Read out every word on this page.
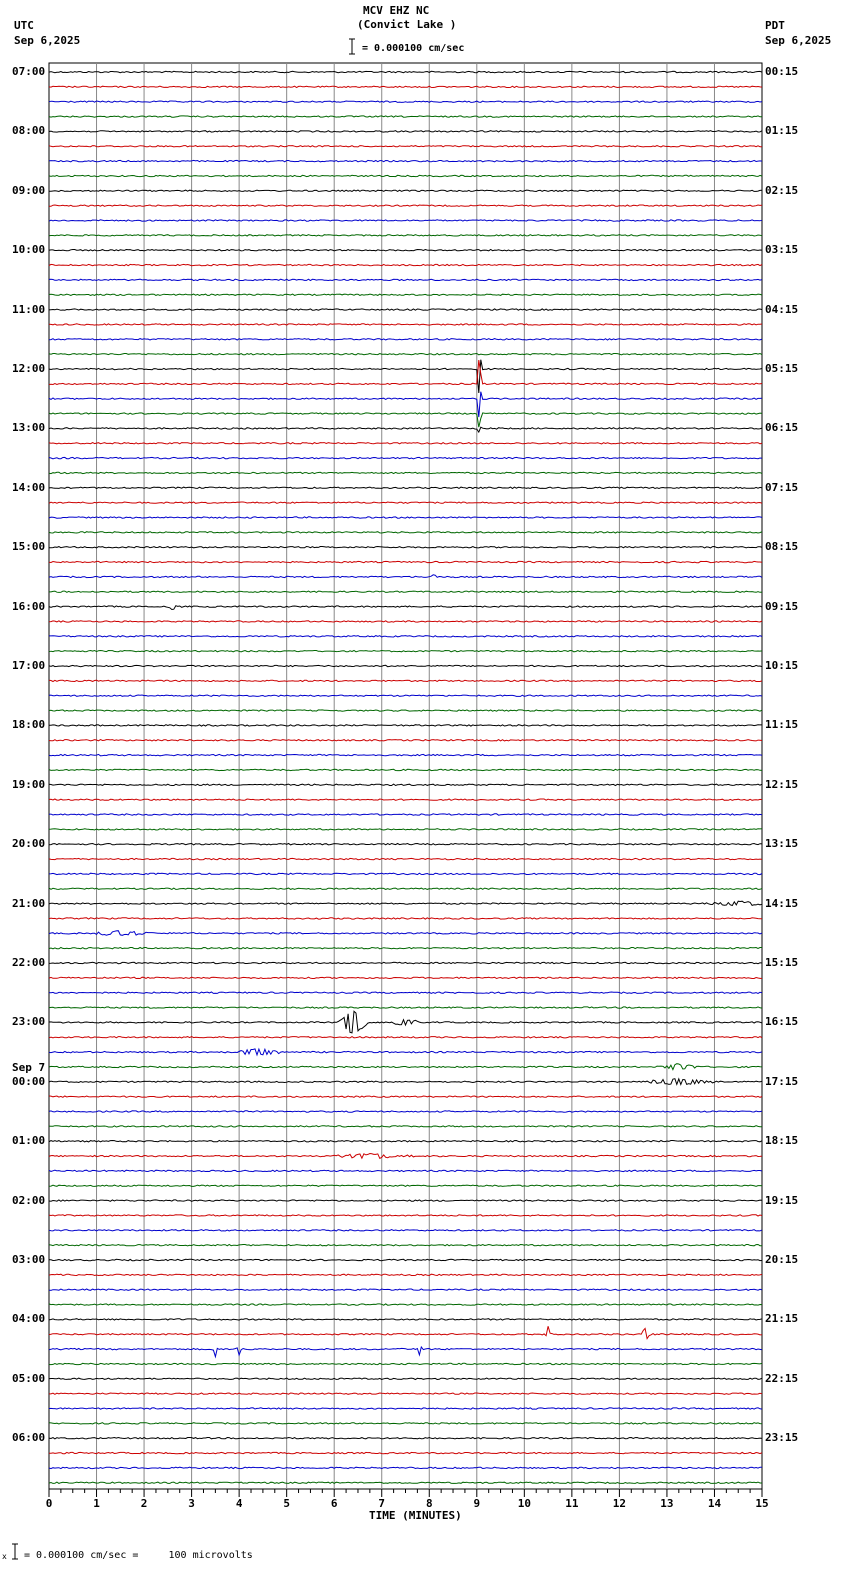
MCV EHZ NC
(Convict Lake )
UTC
Sep 6,2025
PDT
Sep 6,2025
= 0.000100 cm/sec
0	1	2	3	4	5	6	7	8	9	10	11	12	13	14	15
07:00
08:00
09:00
10:00
11:00
12:00
13:00
14:00
15:00
16:00
17:00
18:00
19:00
20:00
21:00
22:00
23:00
00:00
01:00
02:00
03:00
04:00
05:00
06:00
00:15
01:15
02:15
03:15
04:15
05:15
06:15
07:15
08:15
09:15
10:15
11:15
12:15
13:15
14:15
15:15
16:15
17:15
18:15
19:15
20:15
21:15
22:15
23:15
Sep 7
TIME (MINUTES)
x = 0.000100 cm/sec =     100 microvolts
